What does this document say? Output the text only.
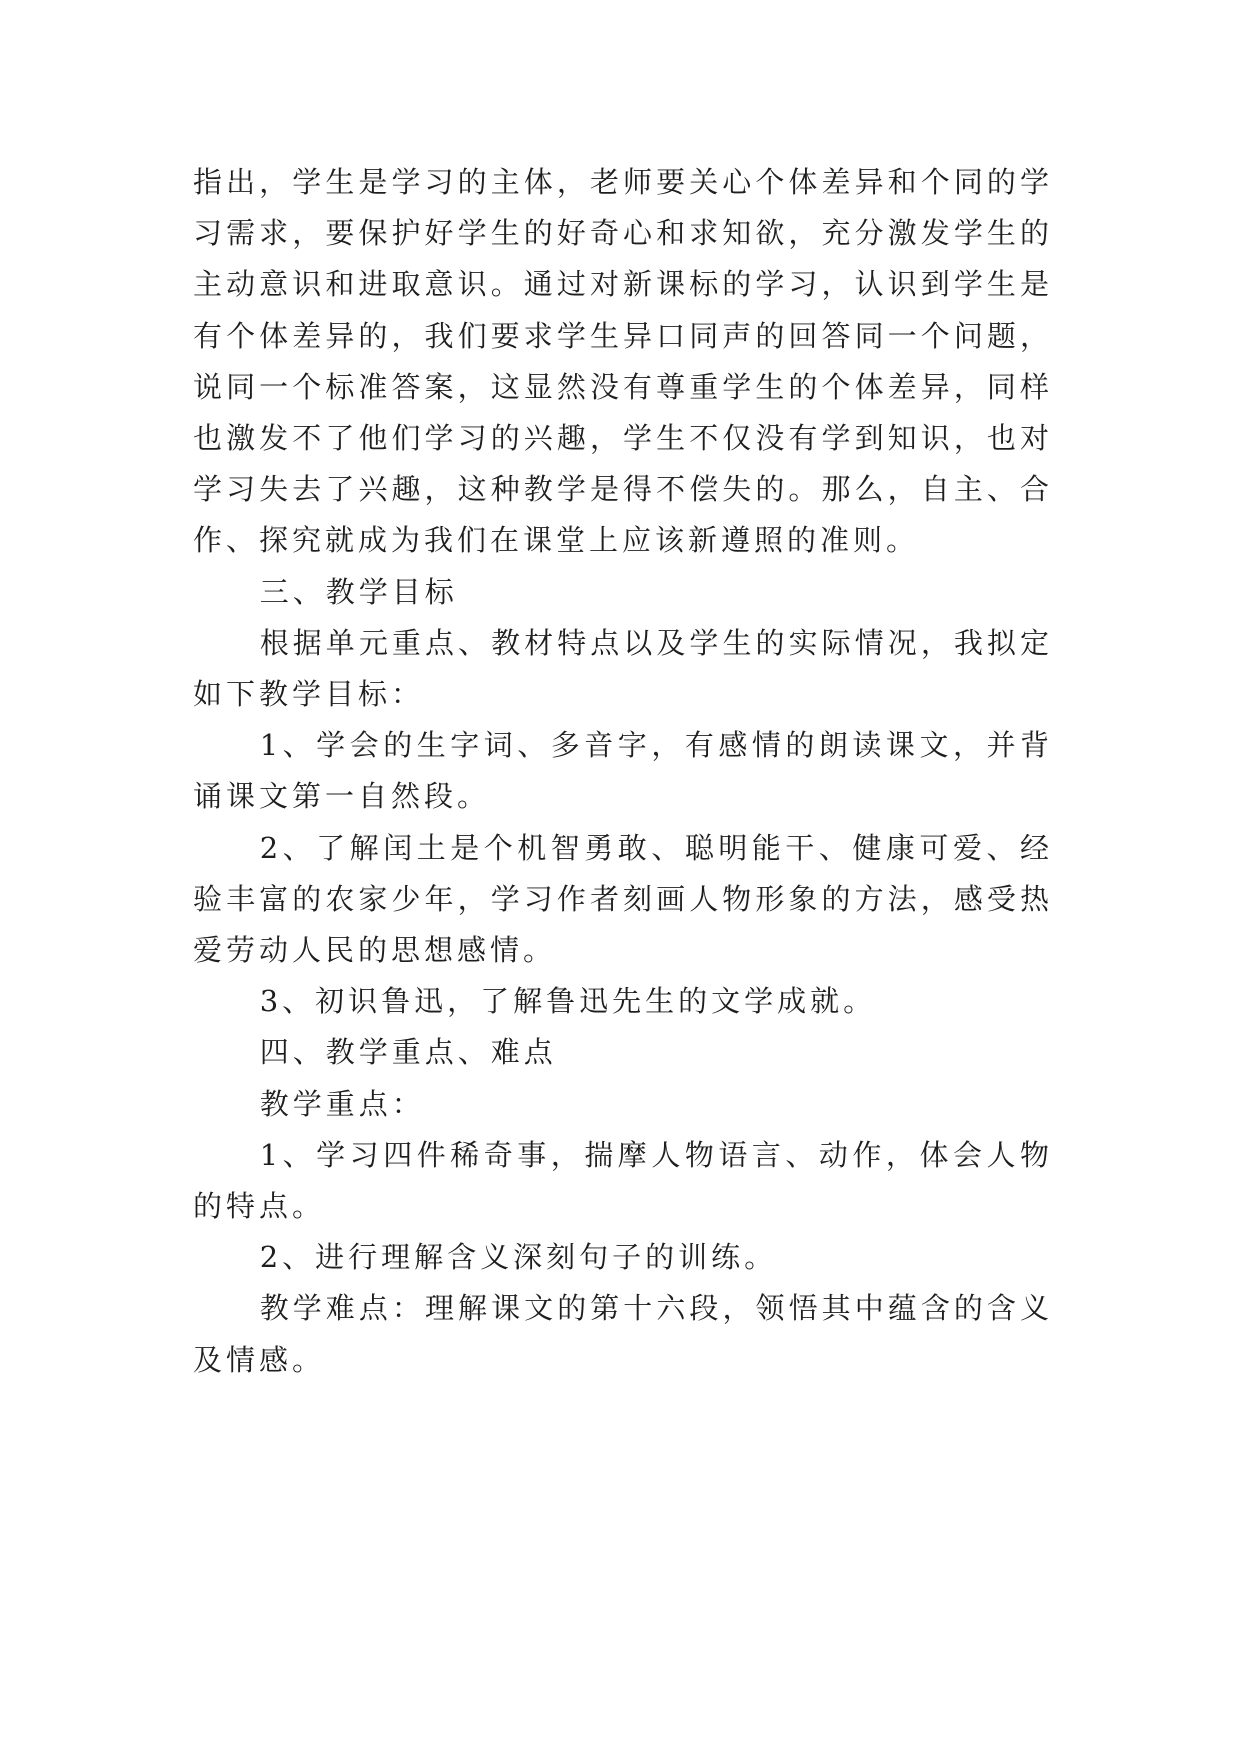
指出，学生是学习的主体，老师要关心个体差异和个同的学习需求，要保护好学生的好奇心和求知欲，充分激发学生的主动意识和进取意识。通过对新课标的学习，认识到学生是有个体差异的，我们要求学生异口同声的回答同一个问题，说同一个标准答案，这显然没有尊重学生的个体差异，同样也激发不了他们学习的兴趣，学生不仅没有学到知识，也对学习失去了兴趣，这种教学是得不偿失的。那么，自主、合作、探究就成为我们在课堂上应该新遵照的准则。

三、教学目标

根据单元重点、教材特点以及学生的实际情况，我拟定如下教学目标：

1、学会的生字词、多音字，有感情的朗读课文，并背诵课文第一自然段。

2、了解闰土是个机智勇敢、聪明能干、健康可爱、经验丰富的农家少年，学习作者刻画人物形象的方法，感受热爱劳动人民的思想感情。

3、初识鲁迅，了解鲁迅先生的文学成就。

四、教学重点、难点

教学重点：

1、学习四件稀奇事，揣摩人物语言、动作，体会人物的特点。

2、进行理解含义深刻句子的训练。

教学难点：理解课文的第十六段，领悟其中蕴含的含义及情感。
